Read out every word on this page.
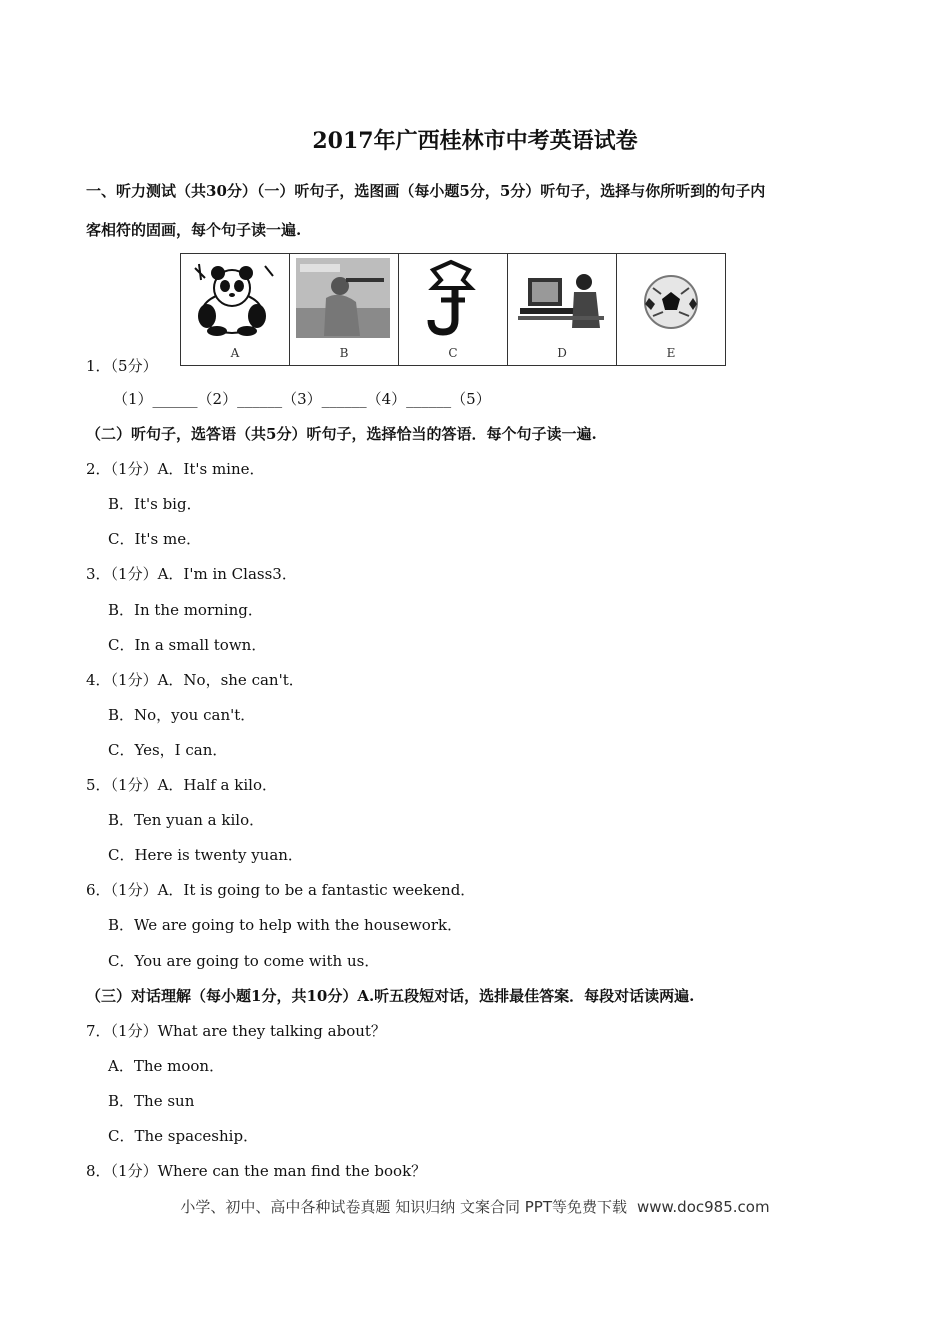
2017年广西桂林市中考英语试卷
一、听力测试（共30分）（一）听句子，选图画（每小题5分，5分）听句子，选择与你所听到的句子内
客相符的固画，每个句子读一遍.
A	B	C	D	E
1．（5分）
（1）______（2）______（3）______（4）______（5）
（二）听句子，选答语（共5分）听句子，选择恰当的答语．每个句子读一遍.
2．（1分）A．It's mine．
B．It's big．
C．It's me．
3．（1分）A．I'm in Class3．
B．In the morning．
C．In a small town．
4．（1分）A．No，she can't．
B．No，you can't．
C．Yes，I can．
5．（1分）A．Half a kilo．
B．Ten yuan a kilo．
C．Here is twenty yuan．
6．（1分）A．It is going to be a fantastic weekend．
B．We are going to help with the housework．
C．You are going to come with us．
（三）对话理解（每小题1分，共10分）A.听五段短对话，选排最佳答案．每段对话读两遍.
7．（1分）What are they talking about？
A．The moon．
B．The sun
C．The spaceship．
8．（1分）Where can the man find the book？
小学、初中、高中各种试卷真题 知识归纳 文案合同 PPT等免费下载 www.doc985.com
